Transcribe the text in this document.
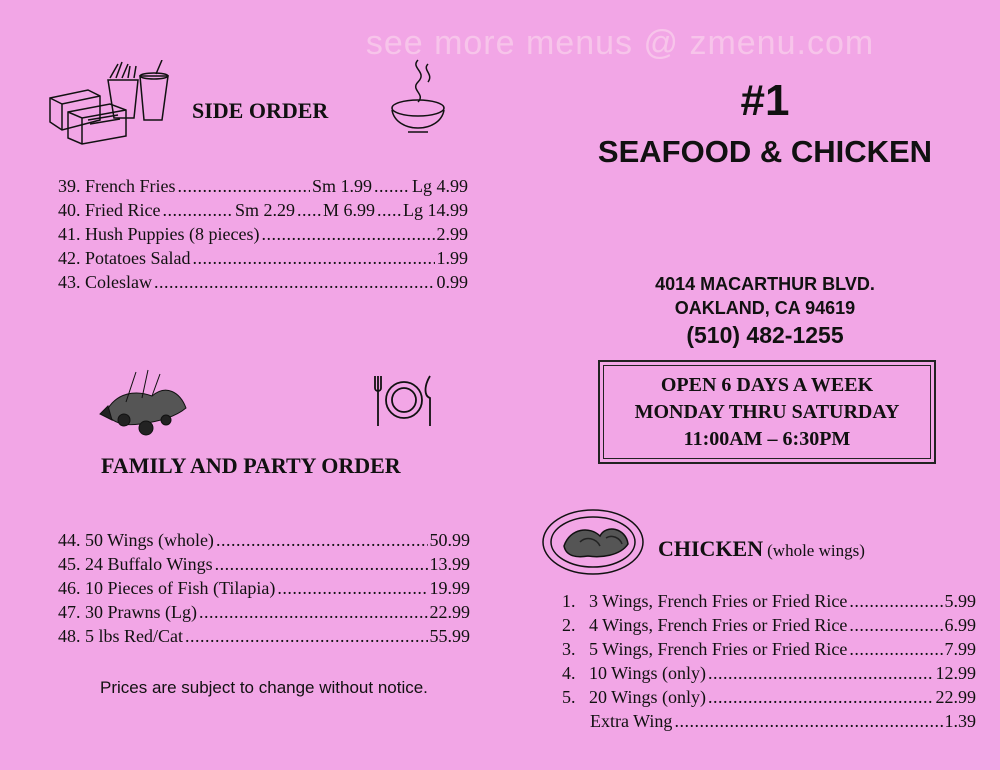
see more menus @ zmenu.com
SIDE ORDER
39. French Fries .....	Sm 1.99 ..... Lg 4.99
40. Fried Rice .....	Sm 2.29 ..... M 6.99 ..... Lg 14.99
41. Hush Puppies (8 pieces) .....	2.99
42. Potatoes Salad .....	1.99
43. Coleslaw .....	0.99
FAMILY AND PARTY ORDER
44. 50 Wings (whole) .....	50.99
45. 24 Buffalo Wings .....	13.99
46. 10 Pieces of Fish (Tilapia) .....	19.99
47. 30 Prawns (Lg) .....	22.99
48. 5 lbs Red/Cat .....	55.99
Prices are subject to change without notice.
#1
SEAFOOD & CHICKEN
4014 MACARTHUR BLVD.
OAKLAND, CA 94619
(510) 482-1255
OPEN 6 DAYS A WEEK
MONDAY THRU SATURDAY
11:00AM – 6:30PM
CHICKEN (whole wings)
1.   3 Wings, French Fries or Fried Rice .....	5.99
2.   4 Wings, French Fries or Fried Rice .....	6.99
3.   5 Wings, French Fries or Fried Rice .....	7.99
4.   10 Wings (only) .....	12.99
5.   20 Wings (only) .....	22.99
Extra Wing .....	1.39
